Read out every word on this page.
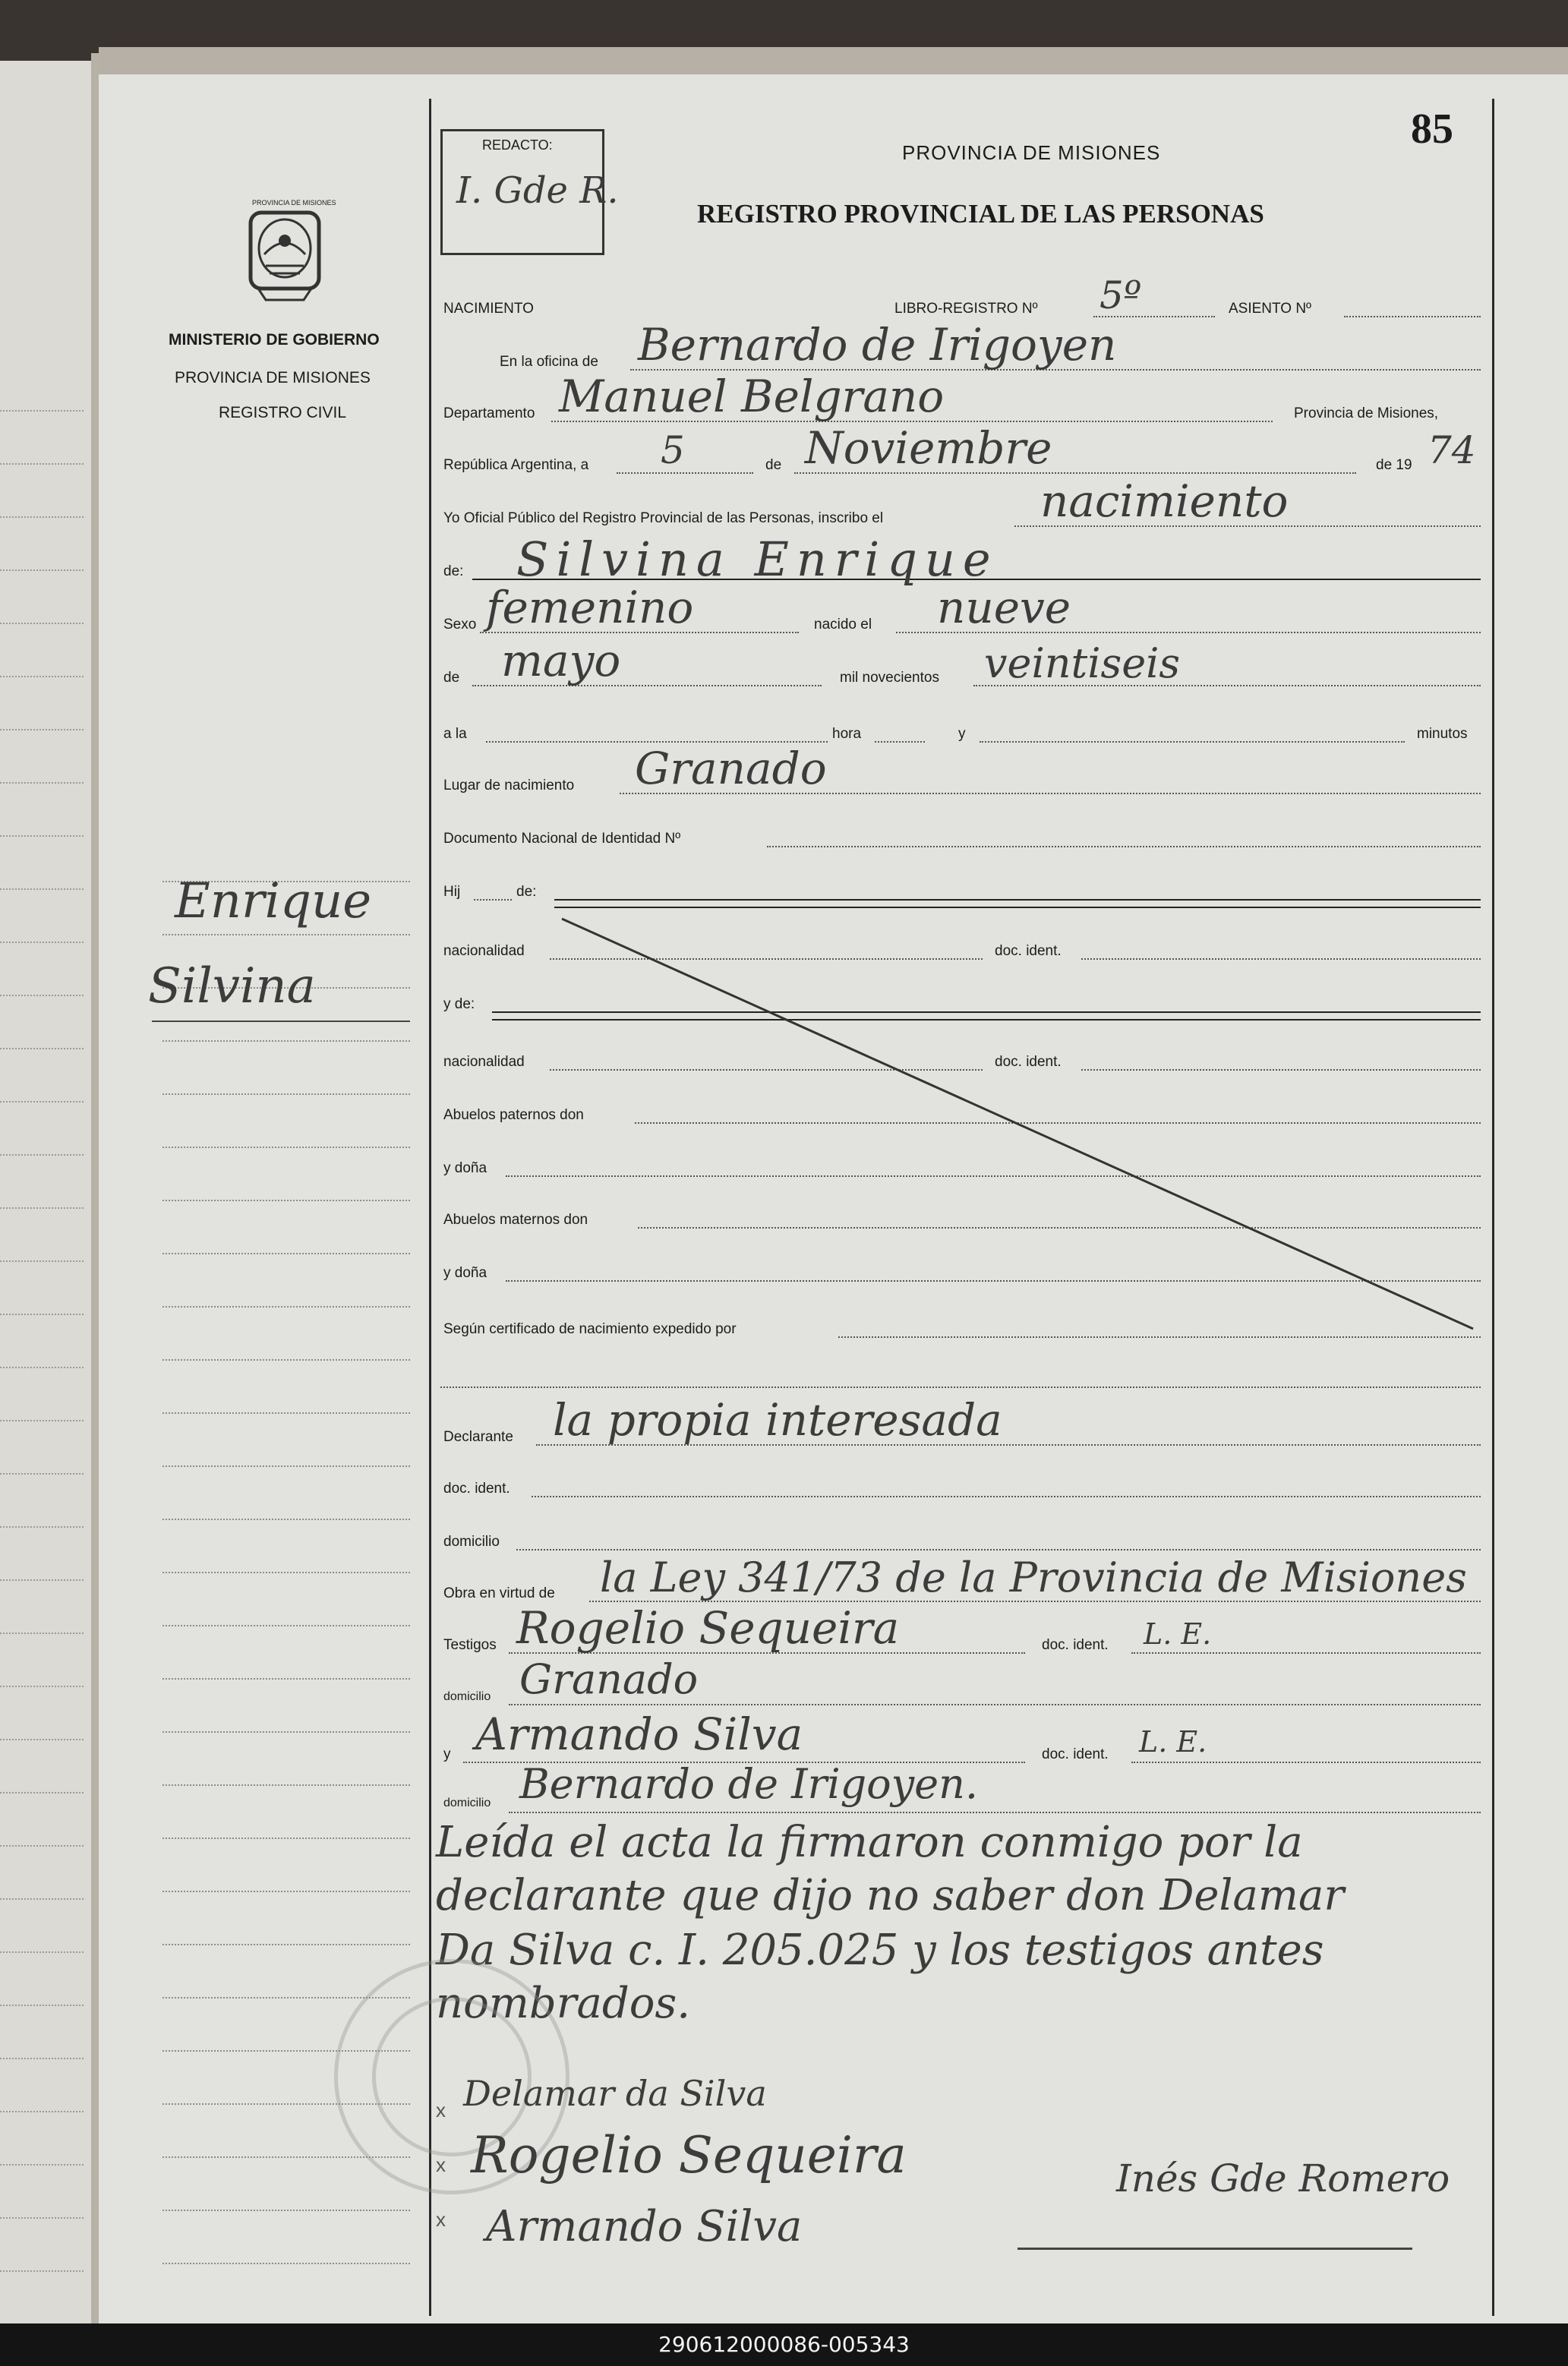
REDACTO:
I. Gde R.
PROVINCIA DE MISIONES
REGISTRO PROVINCIAL DE LAS PERSONAS
85
PROVINCIA DE MISIONES
MINISTERIO DE GOBIERNO
PROVINCIA DE MISIONES
REGISTRO CIVIL
Enrique
Silvina
NACIMIENTO	LIBRO-REGISTRO Nº 5º	ASIENTO Nº
En la oficina de Bernardo de Irigoyen
Departamento Manuel Belgrano	Provincia de Misiones,
República Argentina, a 5	de Noviembre	de 19 74
Yo Oficial Público del Registro Provincial de las Personas, inscribo el	nacimiento
de: Silvina Enrique
Sexo femenino	nacido el nueve
de mayo	mil novecientos veintiseis
a la	hora	y	minutos
Lugar de nacimiento Granado
Documento Nacional de Identidad Nº
Hij	de:
nacionalidad	doc. ident.
y de:
nacionalidad	doc. ident.
Abuelos paternos don
y doña
Abuelos maternos don
y doña
Según certificado de nacimiento expedido por
Declarante la propia interesada
doc. ident.
domicilio
Obra en virtud de la Ley 341/73 de la Provincia de Misiones
Testigos Rogelio Sequeira	doc. ident. L. E.
domicilio Granado
y Armando Silva	doc. ident. L. E.
domicilio Bernardo de Irigoyen.
Leída el acta la firmaron conmigo por la
declarante que dijo no saber don Delamar
Da Silva c. I. 205.025 y los testigos antes
nombrados.
Delamar da Silva
Rogelio Sequeira
Armando Silva
Inés Gde Romero
x
x
x
290612000086-005343
